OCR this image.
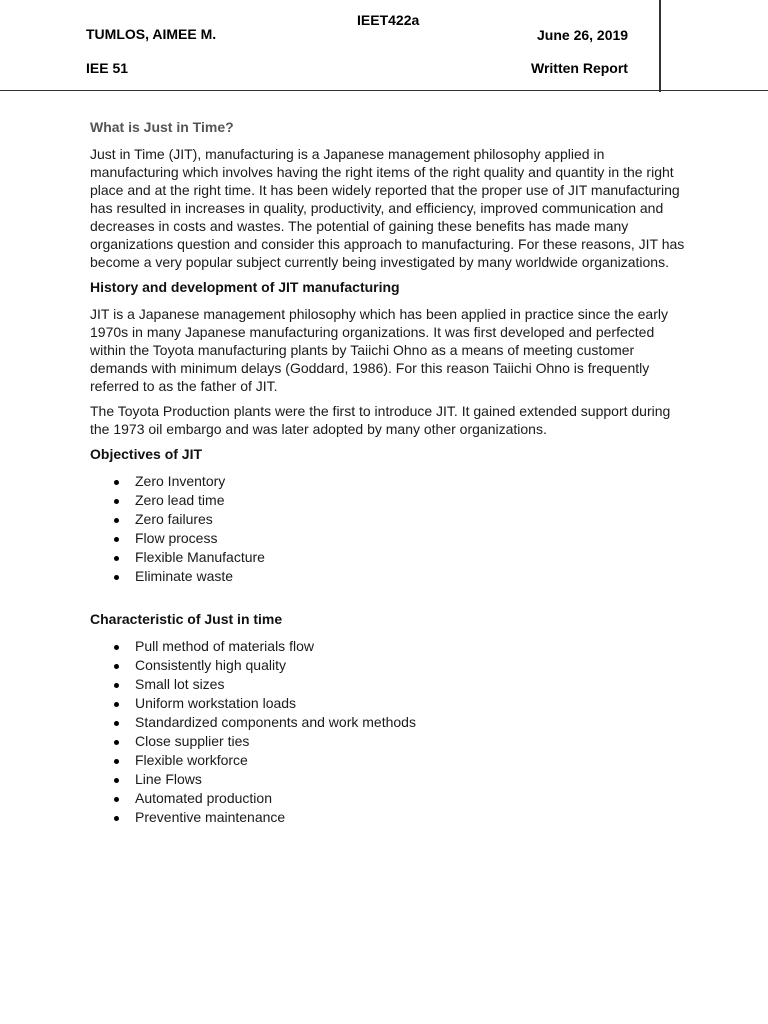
IEET422a
TUMLOS, AIMEE M.	June 26, 2019
IEE 51	Written Report
What is Just in Time?

Just in Time (JIT), manufacturing is a Japanese management philosophy applied in manufacturing which involves having the right items of the right quality and quantity in the right place and at the right time. It has been widely reported that the proper use of JIT manufacturing has resulted in increases in quality, productivity, and efficiency, improved communication and decreases in costs and wastes. The potential of gaining these benefits has made many organizations question and consider this approach to manufacturing. For these reasons, JIT has become a very popular subject currently being investigated by many worldwide organizations.

History and development of JIT manufacturing

JIT is a Japanese management philosophy which has been applied in practice since the early 1970s in many Japanese manufacturing organizations. It was first developed and perfected within the Toyota manufacturing plants by Taiichi Ohno as a means of meeting customer demands with minimum delays (Goddard, 1986). For this reason Taiichi Ohno is frequently referred to as the father of JIT.

The Toyota Production plants were the first to introduce JIT. It gained extended support during the 1973 oil embargo and was later adopted by many other organizations.

Objectives of JIT
Zero Inventory
Zero lead time
Zero failures
Flow process
Flexible Manufacture
Eliminate waste
Characteristic of Just in time
Pull method of materials flow
Consistently high quality
Small lot sizes
Uniform workstation loads
Standardized components and work methods
Close supplier ties
Flexible workforce
Line Flows
Automated production
Preventive maintenance
